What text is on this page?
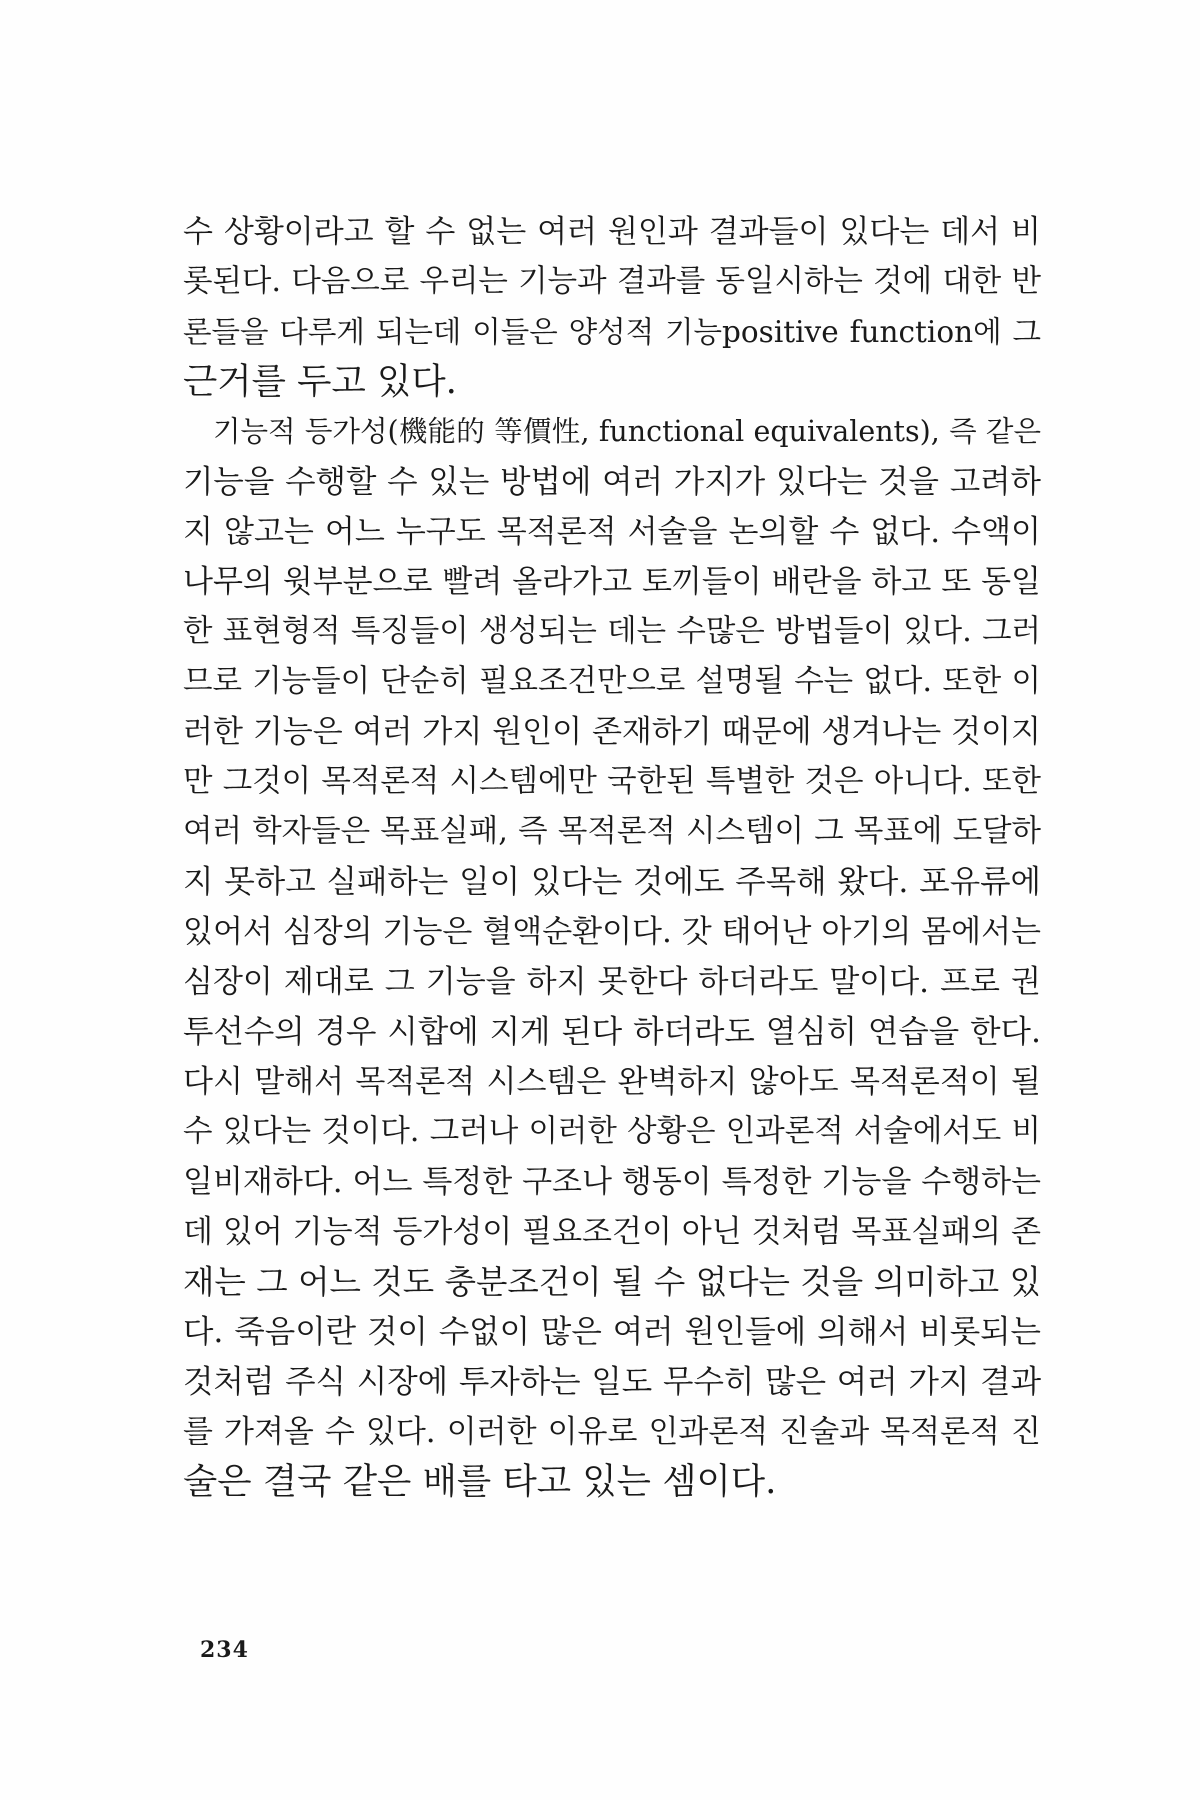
수 상황이라고 할 수 없는 여러 원인과 결과들이 있다는 데서 비
롯된다. 다음으로 우리는 기능과 결과를 동일시하는 것에 대한 반
론들을 다루게 되는데 이들은 양성적 기능positive function에 그
근거를 두고 있다.
기능적 등가성(機能的 等價性, functional equivalents), 즉 같은
기능을 수행할 수 있는 방법에 여러 가지가 있다는 것을 고려하
지 않고는 어느 누구도 목적론적 서술을 논의할 수 없다. 수액이
나무의 윗부분으로 빨려 올라가고 토끼들이 배란을 하고 또 동일
한 표현형적 특징들이 생성되는 데는 수많은 방법들이 있다. 그러
므로 기능들이 단순히 필요조건만으로 설명될 수는 없다. 또한 이
러한 기능은 여러 가지 원인이 존재하기 때문에 생겨나는 것이지
만 그것이 목적론적 시스템에만 국한된 특별한 것은 아니다. 또한
여러 학자들은 목표실패, 즉 목적론적 시스템이 그 목표에 도달하
지 못하고 실패하는 일이 있다는 것에도 주목해 왔다. 포유류에
있어서 심장의 기능은 혈액순환이다. 갓 태어난 아기의 몸에서는
심장이 제대로 그 기능을 하지 못한다 하더라도 말이다. 프로 권
투선수의 경우 시합에 지게 된다 하더라도 열심히 연습을 한다.
다시 말해서 목적론적 시스템은 완벽하지 않아도 목적론적이 될
수 있다는 것이다. 그러나 이러한 상황은 인과론적 서술에서도 비
일비재하다. 어느 특정한 구조나 행동이 특정한 기능을 수행하는
데 있어 기능적 등가성이 필요조건이 아닌 것처럼 목표실패의 존
재는 그 어느 것도 충분조건이 될 수 없다는 것을 의미하고 있
다. 죽음이란 것이 수없이 많은 여러 원인들에 의해서 비롯되는
것처럼 주식 시장에 투자하는 일도 무수히 많은 여러 가지 결과
를 가져올 수 있다. 이러한 이유로 인과론적 진술과 목적론적 진
술은 결국 같은 배를 타고 있는 셈이다.
234
